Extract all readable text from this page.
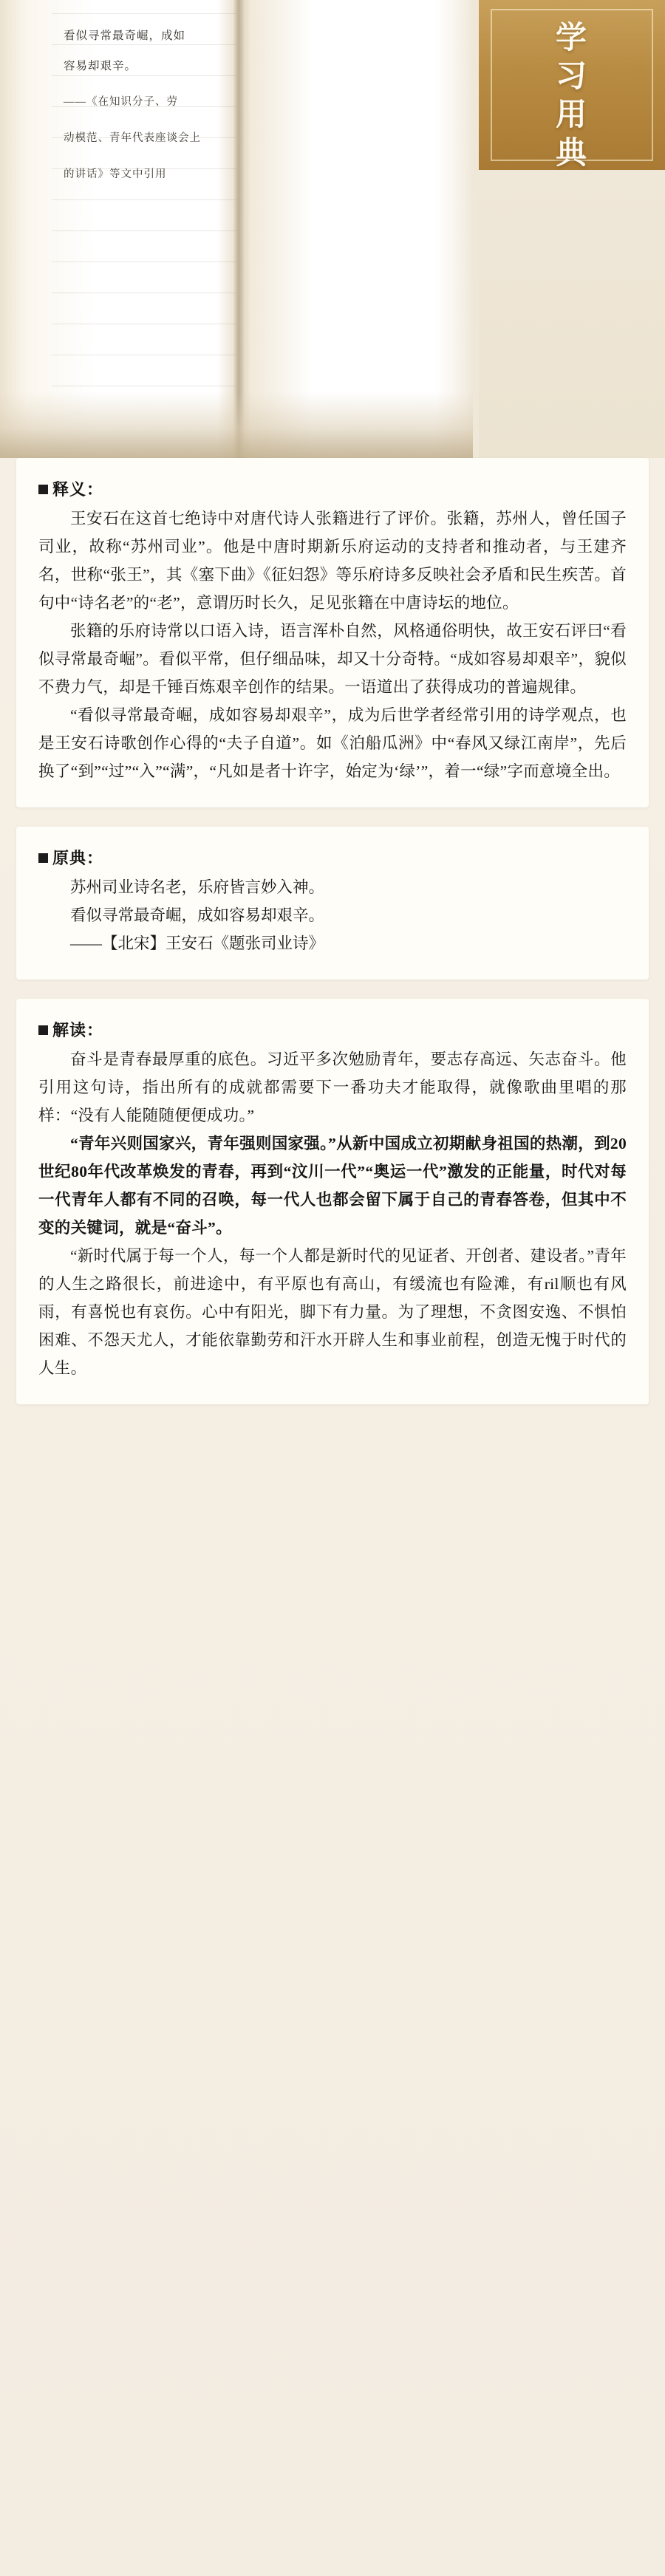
看似寻常最奇崛，成如
容易却艰辛。
——《在知识分子、劳
动模范、青年代表座谈会上
的讲话》等文中引用
学习用典
释义：

王安石在这首七绝诗中对唐代诗人张籍进行了评价。张籍，苏州人，曾任国子司业，故称“苏州司业”。他是中唐时期新乐府运动的支持者和推动者，与王建齐名，世称“张王”，其《塞下曲》《征妇怨》等乐府诗多反映社会矛盾和民生疾苦。首句中“诗名老”的“老”，意谓历时长久，足见张籍在中唐诗坛的地位。

张籍的乐府诗常以口语入诗，语言浑朴自然，风格通俗明快，故王安石评曰“看似寻常最奇崛”。看似平常，但仔细品味，却又十分奇特。“成如容易却艰辛”，貌似不费力气，却是千锤百炼艰辛创作的结果。一语道出了获得成功的普遍规律。

“看似寻常最奇崛，成如容易却艰辛”，成为后世学者经常引用的诗学观点，也是王安石诗歌创作心得的“夫子自道”。如《泊船瓜洲》中“春风又绿江南岸”，先后换了“到”“过”“入”“满”，“凡如是者十许字，始定为‘绿’”，着一“绿”字而意境全出。

原典：

苏州司业诗名老，乐府皆言妙入神。

看似寻常最奇崛，成如容易却艰辛。

——【北宋】王安石《题张司业诗》

解读：

奋斗是青春最厚重的底色。习近平多次勉励青年，要志存高远、矢志奋斗。他引用这句诗，指出所有的成就都需要下一番功夫才能取得，就像歌曲里唱的那样：“没有人能随随便便成功。”

“青年兴则国家兴，青年强则国家强。”从新中国成立初期献身祖国的热潮，到20世纪80年代改革焕发的青春，再到“汶川一代”“奥运一代”激发的正能量，时代对每一代青年人都有不同的召唤，每一代人也都会留下属于自己的青春答卷，但其中不变的关键词，就是“奋斗”。

“新时代属于每一个人，每一个人都是新时代的见证者、开创者、建设者。”青年的人生之路很长，前进途中，有平原也有高山，有缓流也有险滩，有ril顺也有风雨，有喜悦也有哀伤。心中有阳光，脚下有力量。为了理想，不贪图安逸、不惧怕困难、不怨天尤人，才能依靠勤劳和汗水开辟人生和事业前程，创造无愧于时代的人生。
